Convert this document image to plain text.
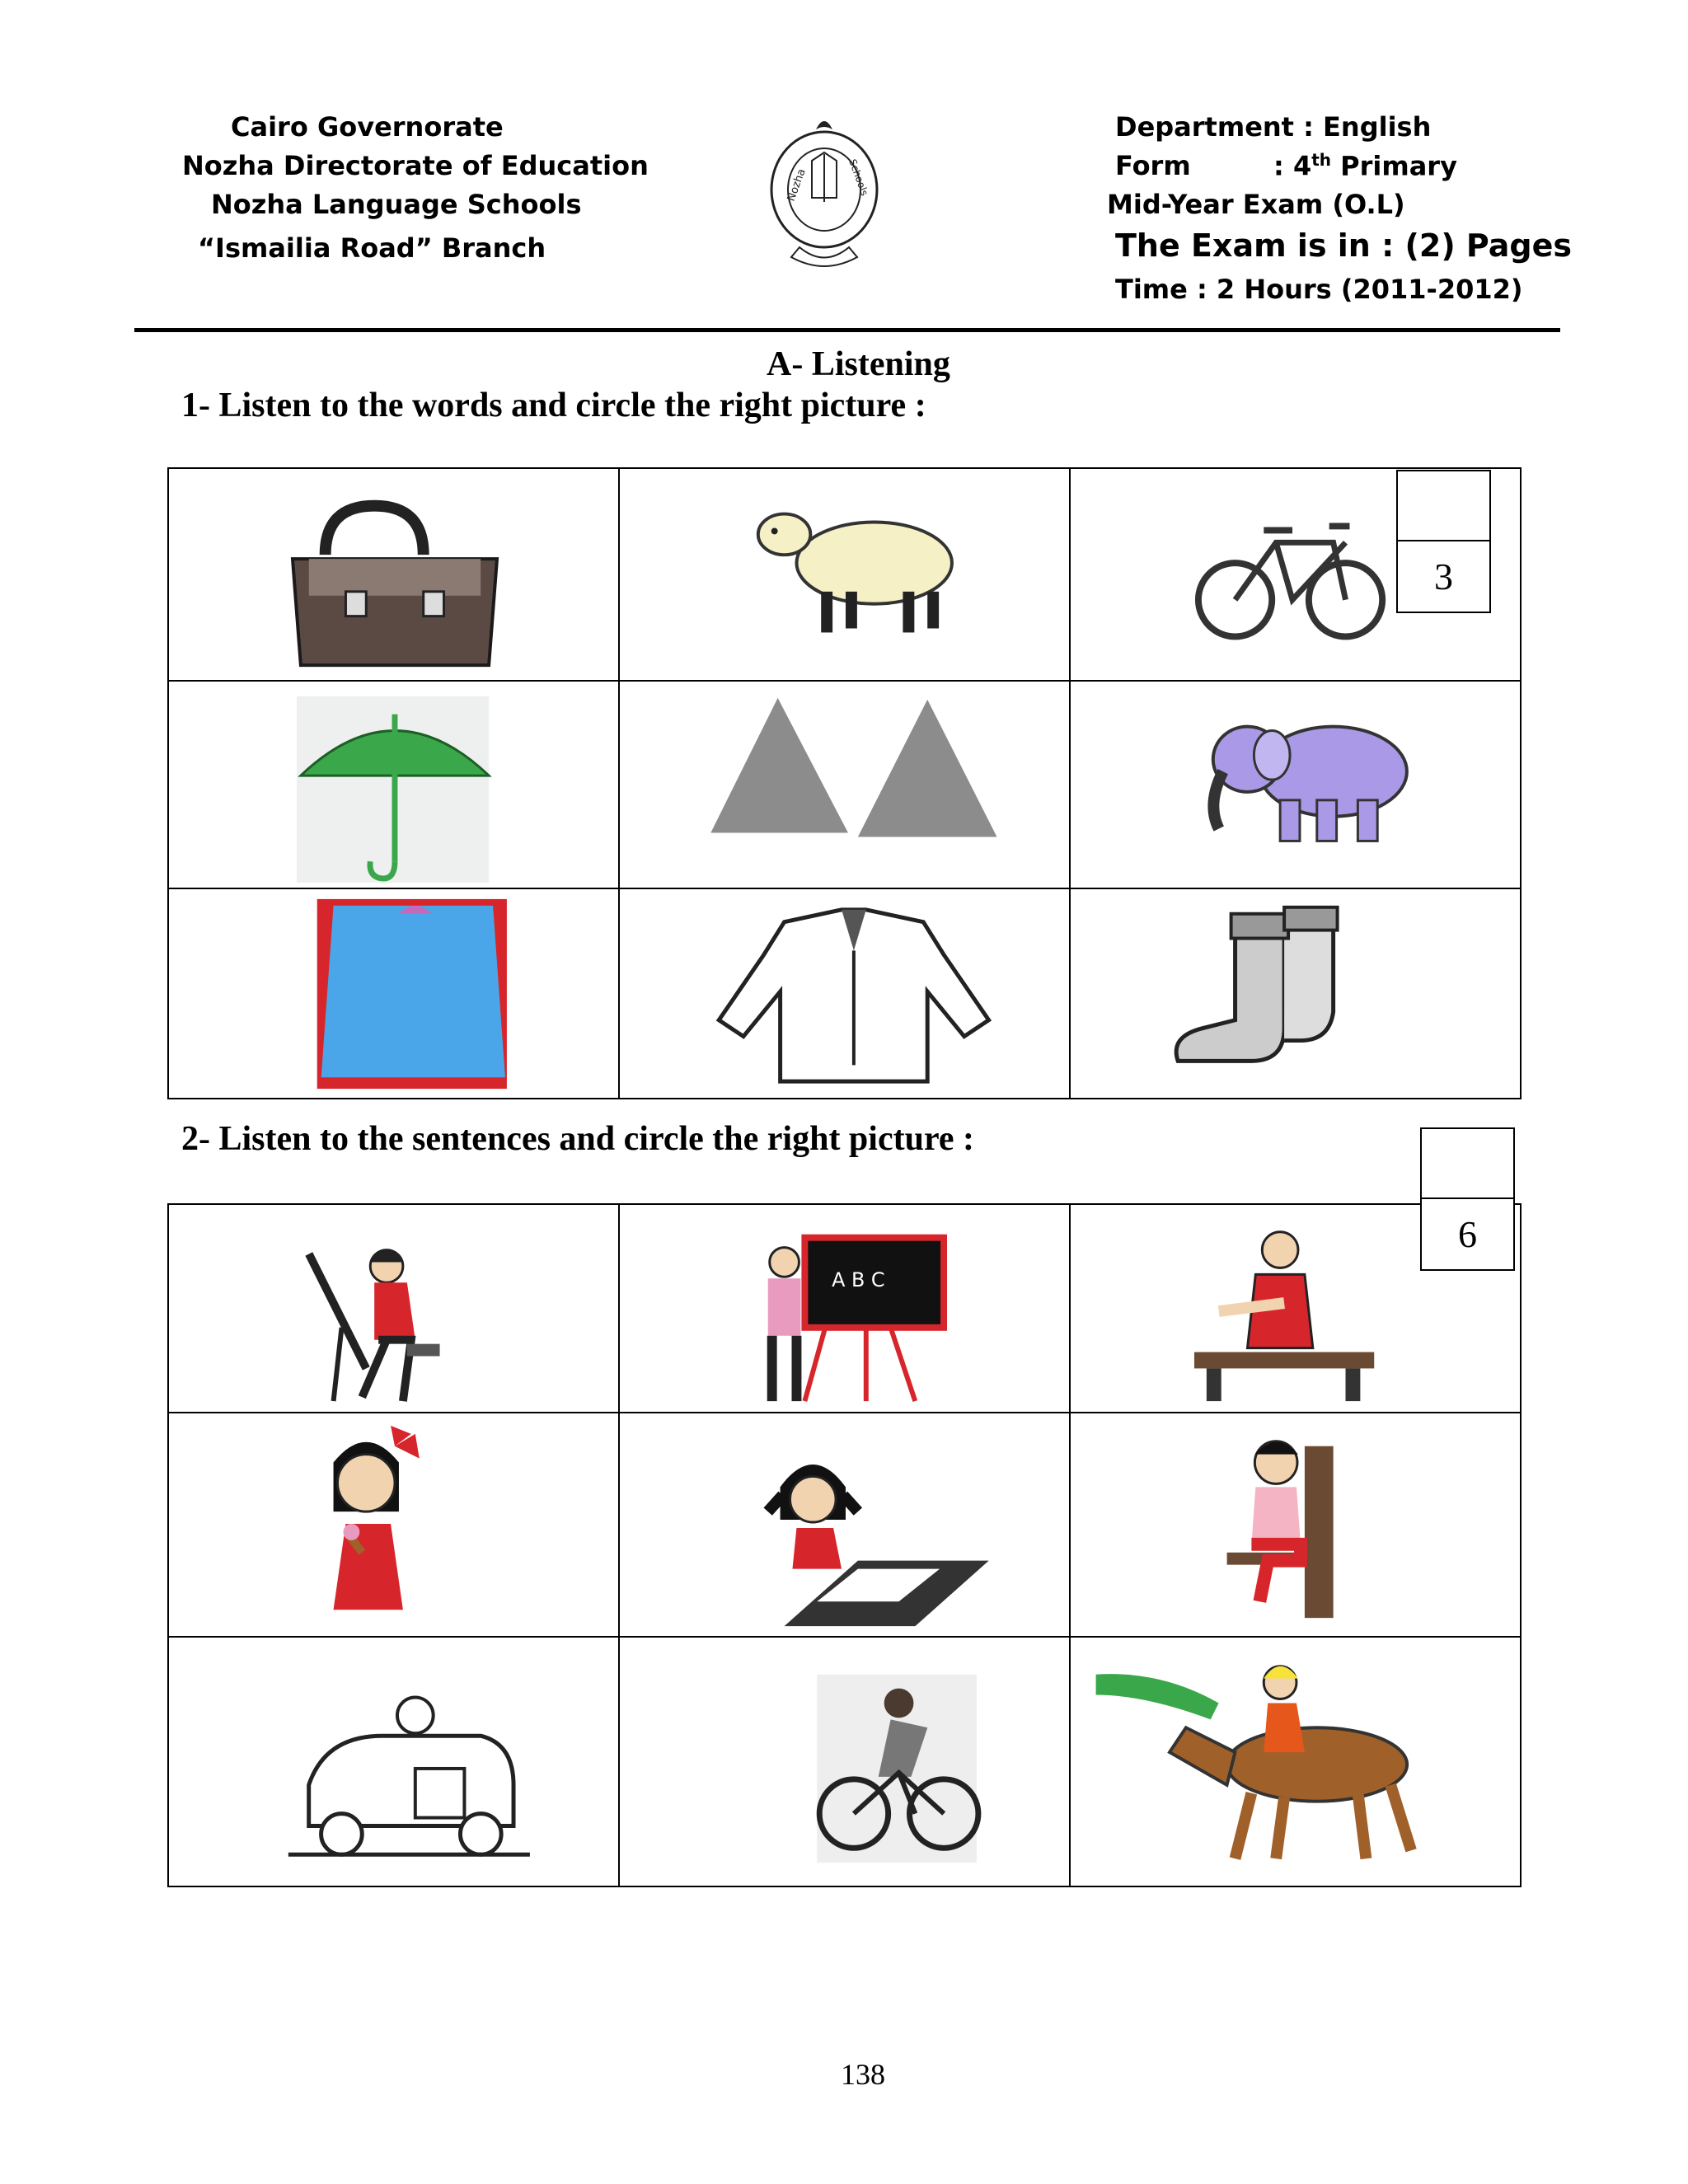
Cairo Governorate
Nozha Directorate of Education
Nozha Language Schools
“Ismailia Road” Branch
Nozha	Schools
Department : English
Form	: 4th Primary
Mid-Year Exam (O.L)
The Exam is in : (2) Pages
Time : 2 Hours (2011-2012)
A- Listening
1- Listen to the words and circle the right picture :

3
2- Listen to the sentences and circle the right picture :

A B C

6
138
